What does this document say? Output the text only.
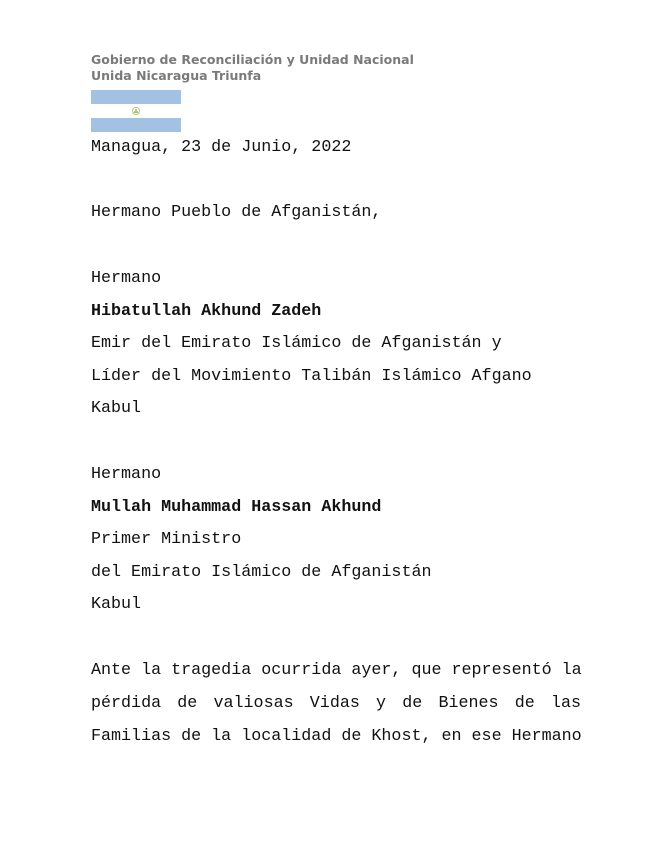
Gobierno de Reconciliación y Unidad Nacional
Unida Nicaragua Triunfa
Managua, 23 de Junio, 2022
Hermano Pueblo de Afganistán,
Hermano
Hibatullah Akhund Zadeh
Emir del Emirato Islámico de Afganistán y
Líder del Movimiento Talibán Islámico Afgano
Kabul
Hermano
Mullah Muhammad Hassan Akhund
Primer Ministro
del Emirato Islámico de Afganistán
Kabul
Ante la tragedia ocurrida ayer, que representó la
pérdida de valiosas Vidas y de Bienes de las
Familias de la localidad de Khost, en ese Hermano
